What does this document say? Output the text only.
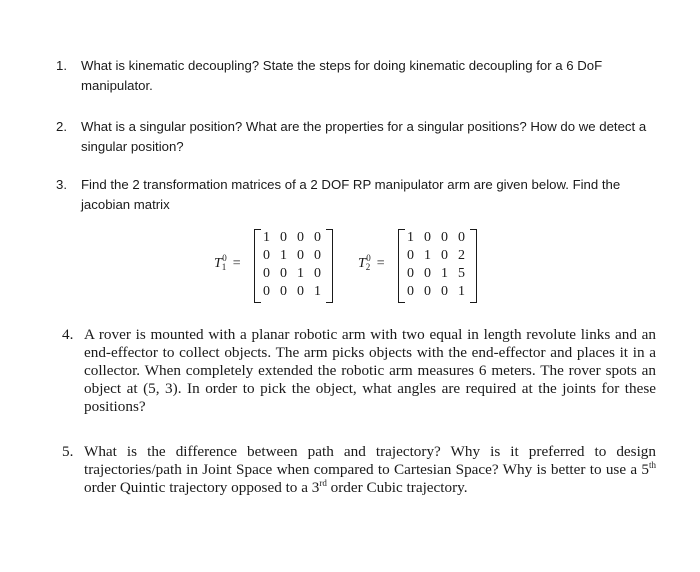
1. What is kinematic decoupling? State the steps for doing kinematic decoupling for a 6 DoF manipulator.
2. What is a singular position? What are the properties for a singular positions? How do we detect a singular position?
3. Find the 2 transformation matrices of a 2 DOF RP manipulator arm are given below. Find the jacobian matrix
$T_1^0$ =
1 0 0 0
0 1 0 0
0 0 1 0
0 0 0 1
$T_2^0$ =
1 0 0 0
0 1 0 2
0 0 1 5
0 0 0 1
4. A rover is mounted with a planar robotic arm with two equal in length revolute links and an end-effector to collect objects. The arm picks objects with the end-effector and places it in a collector. When completely extended the robotic arm measures 6 meters. The rover spots an object at (5, 3). In order to pick the object, what angles are required at the joints for these positions?
5. What is the difference between path and trajectory? Why is it preferred to design trajectories/path in Joint Space when compared to Cartesian Space? Why is better to use a 5th order Quintic trajectory opposed to a 3rd order Cubic trajectory.
